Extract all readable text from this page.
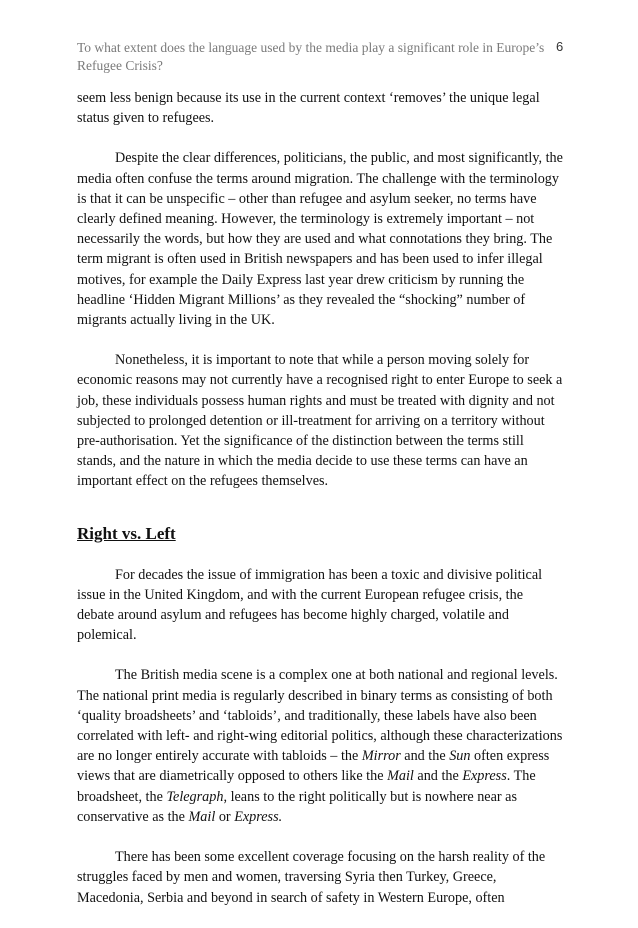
To what extent does the language used by the media play a significant role in Europe’s Refugee Crisis?
6

seem less benign because its use in the current context ‘removes’ the unique legal status given to refugees.

Despite the clear differences, politicians, the public, and most significantly, the media often confuse the terms around migration. The challenge with the terminology is that it can be unspecific – other than refugee and asylum seeker, no terms have clearly defined meaning. However, the terminology is extremely important – not necessarily the words, but how they are used and what connotations they bring. The term migrant is often used in British newspapers and has been used to infer illegal motives, for example the Daily Express last year drew criticism by running the headline ‘Hidden Migrant Millions’ as they revealed the “shocking” number of migrants actually living in the UK.

Nonetheless, it is important to note that while a person moving solely for economic reasons may not currently have a recognised right to enter Europe to seek a job, these individuals possess human rights and must be treated with dignity and not subjected to prolonged detention or ill-treatment for arriving on a territory without pre-authorisation. Yet the significance of the distinction between the terms still stands, and the nature in which the media decide to use these terms can have an important effect on the refugees themselves.

Right vs. Left

For decades the issue of immigration has been a toxic and divisive political issue in the United Kingdom, and with the current European refugee crisis, the debate around asylum and refugees has become highly charged, volatile and polemical.

The British media scene is a complex one at both national and regional levels. The national print media is regularly described in binary terms as consisting of both ‘quality broadsheets’ and ‘tabloids’, and traditionally, these labels have also been correlated with left- and right-wing editorial politics, although these characterizations are no longer entirely accurate with tabloids – the Mirror and the Sun often express views that are diametrically opposed to others like the Mail and the Express. The broadsheet, the Telegraph, leans to the right politically but is nowhere near as conservative as the Mail or Express.

There has been some excellent coverage focusing on the harsh reality of the struggles faced by men and women, traversing Syria then Turkey, Greece, Macedonia, Serbia and beyond in search of safety in Western Europe, often
